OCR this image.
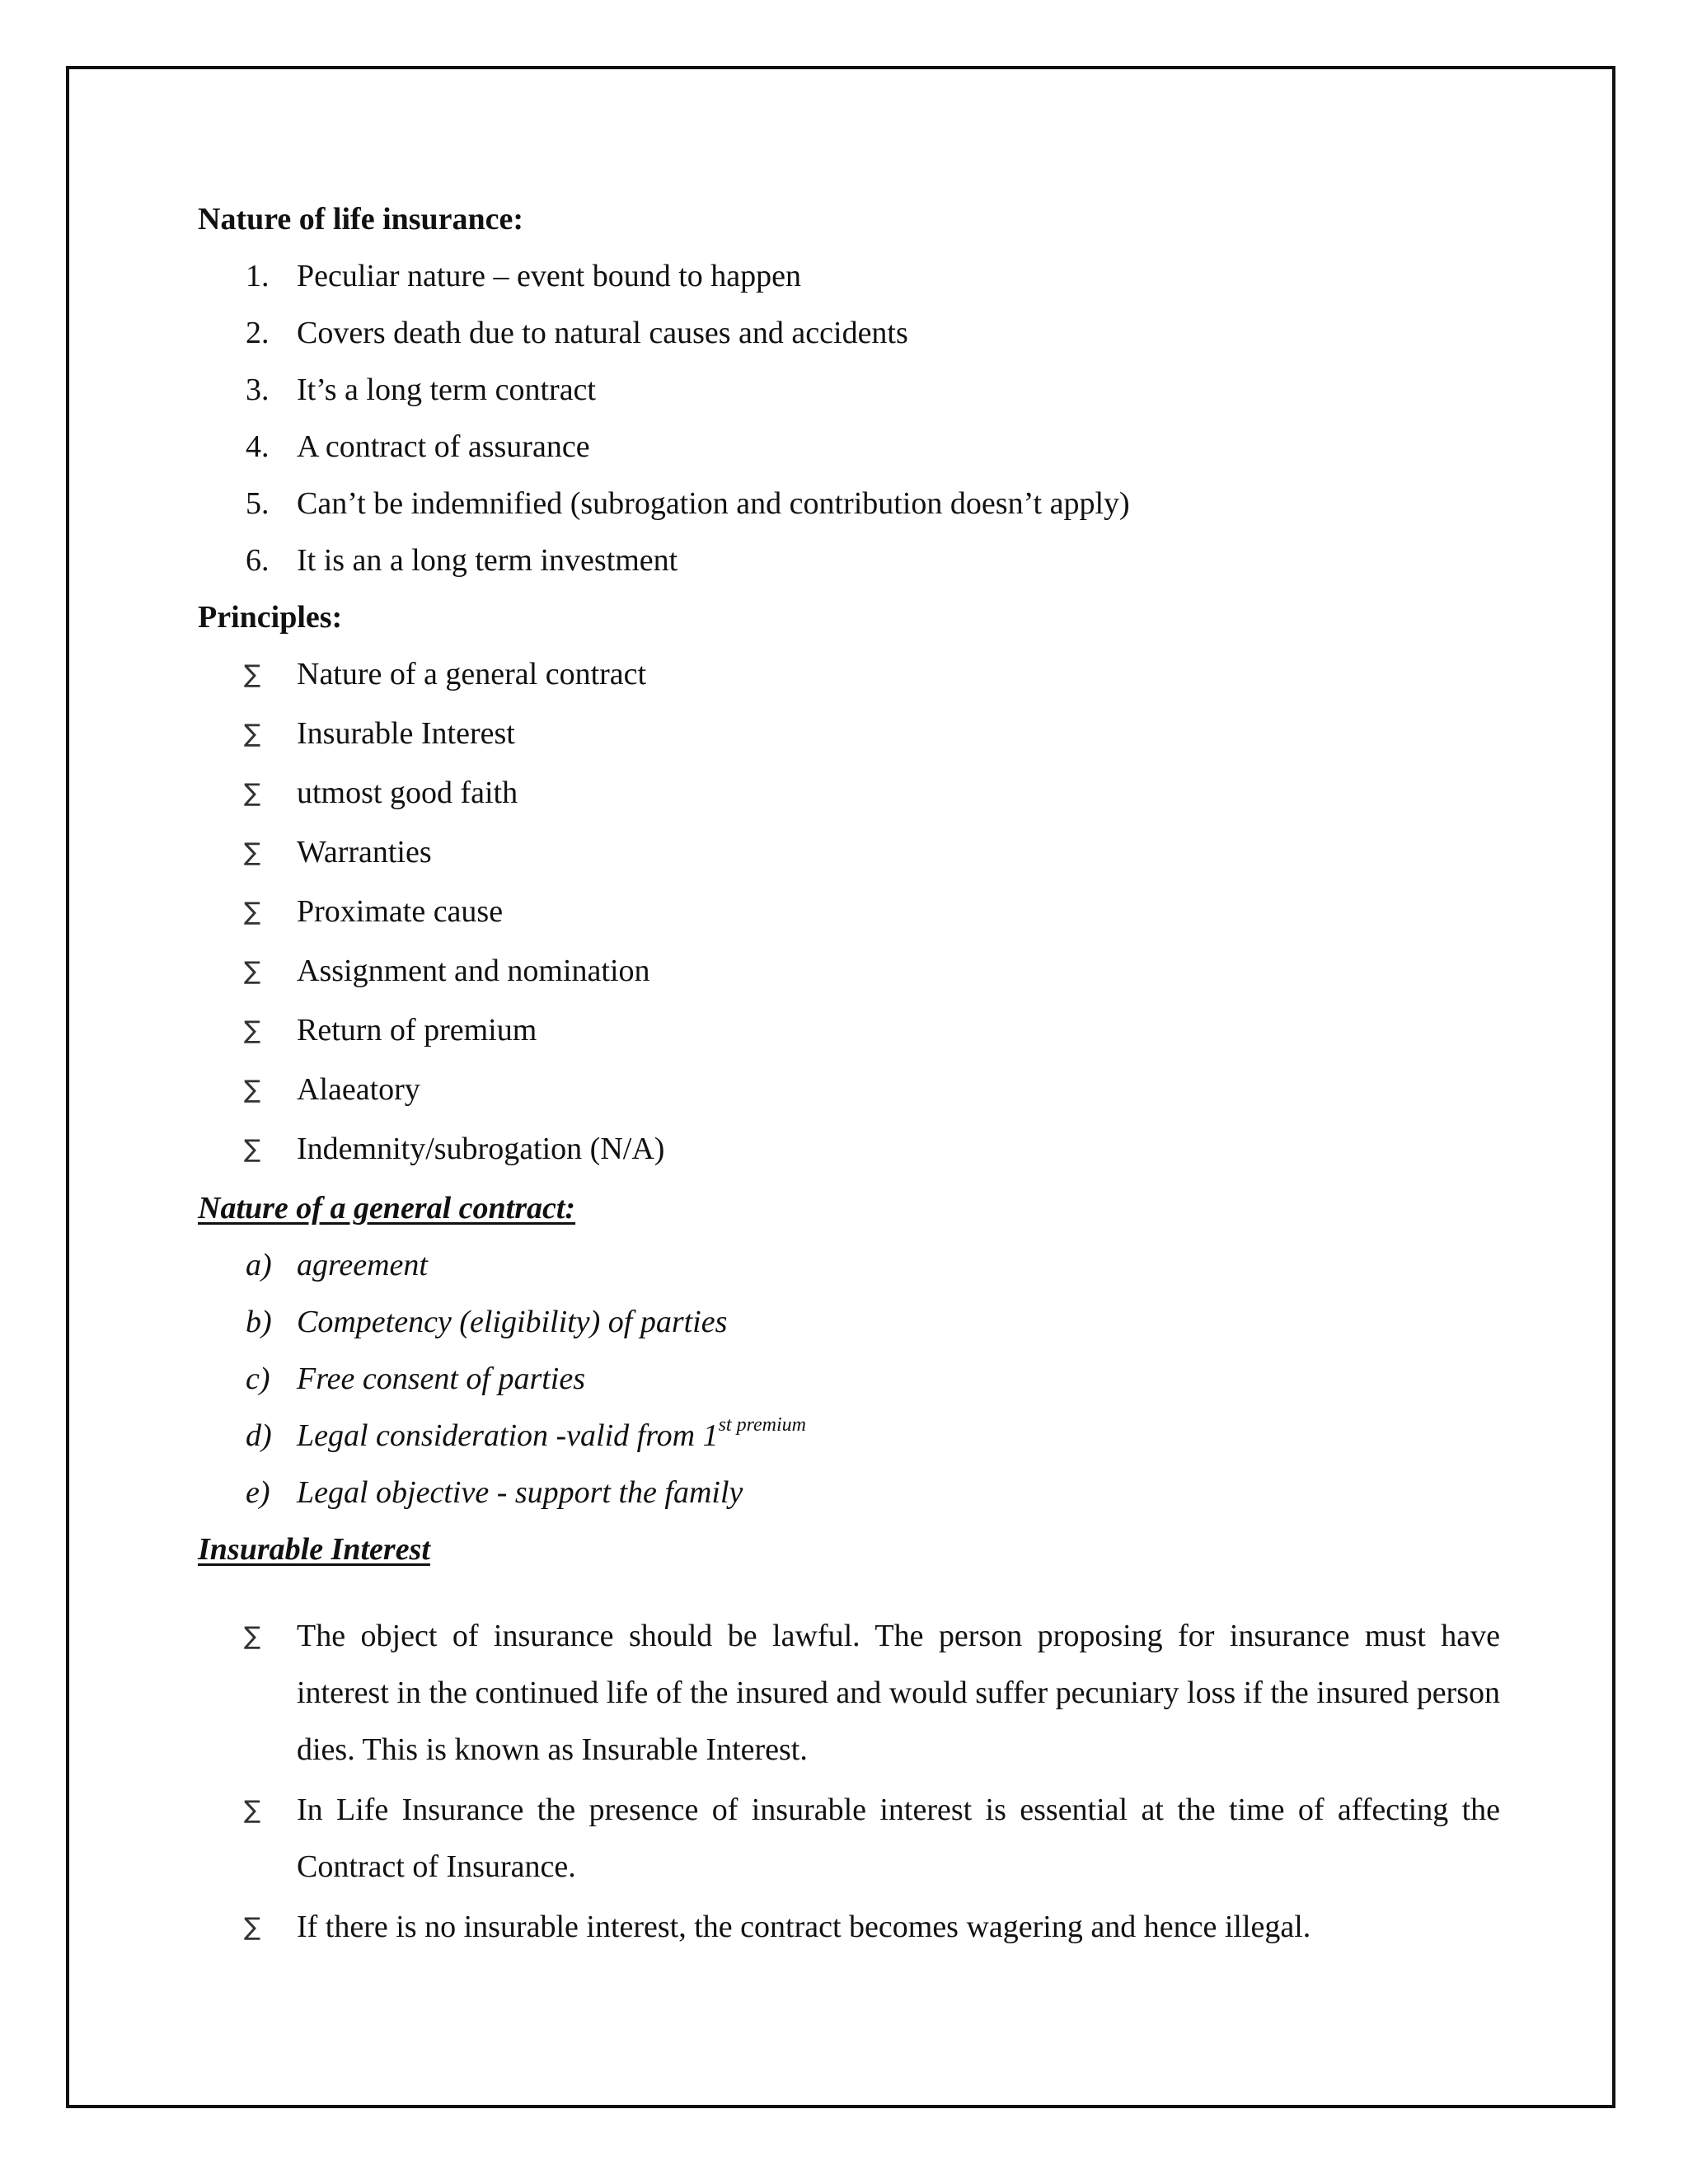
Nature of life insurance:

1. Peculiar nature – event bound to happen
2. Covers death due to natural causes and accidents
3. It’s a long term contract
4. A contract of assurance
5. Can’t be indemnified (subrogation and contribution doesn’t apply)
6. It is an a long term investment

Principles:

∑	Nature of a general contract
∑	Insurable Interest
∑	utmost good faith
∑	Warranties
∑	Proximate cause
∑	Assignment and nomination
∑	Return of premium
∑	Alaeatory
∑	Indemnity/subrogation (N/A)

Nature of a general contract:

a) agreement
b) Competency (eligibility) of parties
c) Free consent of parties
d) Legal consideration -valid from $1^{st premium}$
e) Legal objective - support the family

Insurable Interest

∑	The object of insurance should be lawful. The person proposing for insurance must have interest in the continued life of the insured and would suffer pecuniary loss if the insured person dies. This is known as Insurable Interest.
∑	In Life Insurance the presence of insurable interest is essential at the time of affecting the Contract of Insurance.
∑	If there is no insurable interest, the contract becomes wagering and hence illegal.
